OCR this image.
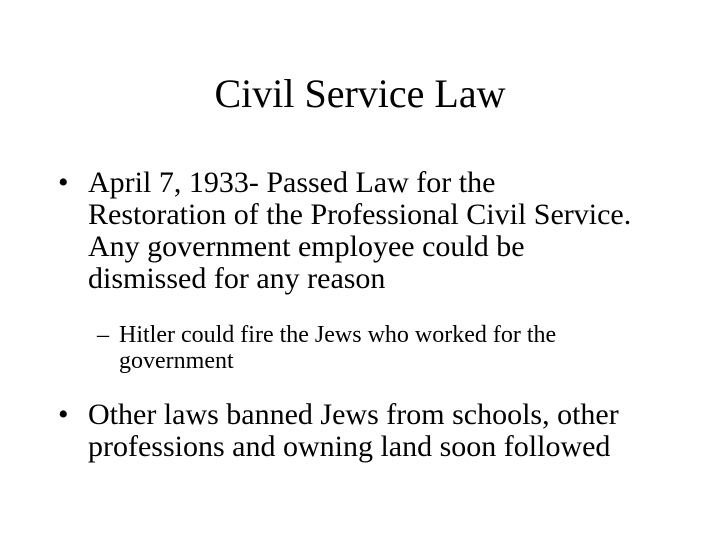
Civil Service Law
• April 7, 1933- Passed Law for the
Restoration of the Professional Civil Service.
Any government employee could be
dismissed for any reason
– Hitler could fire the Jews who worked for the
government
• Other laws banned Jews from schools, other
professions and owning land soon followed
